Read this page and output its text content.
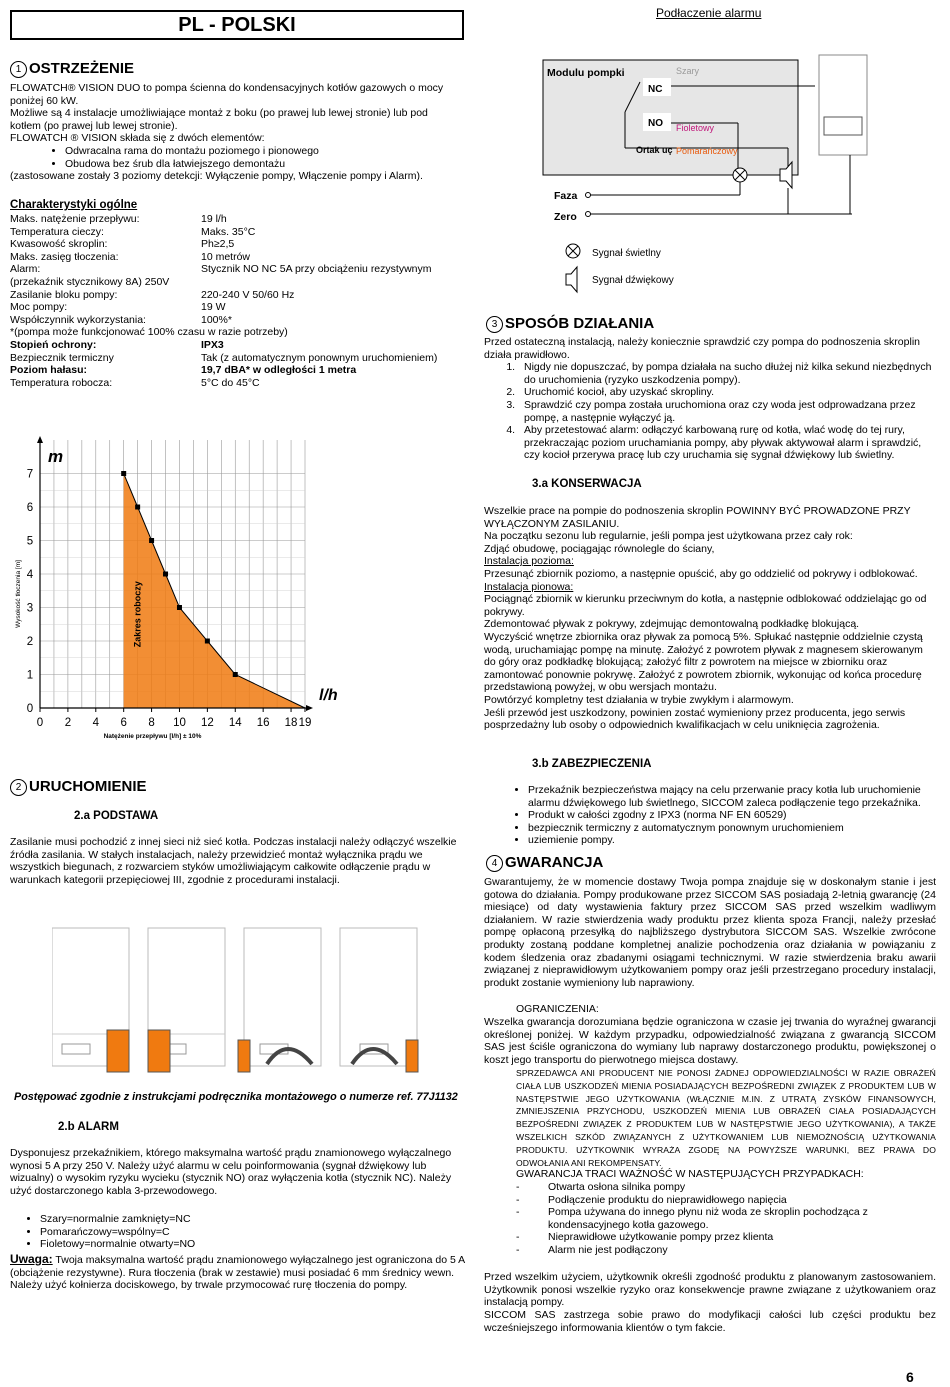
PL - POLSKI
Podłaczenie alarmu
1 OSTRZEŻENIE
FLOWATCH® VISION DUO to pompa ścienna do kondensacyjnych kotłów gazowych o mocy poniżej 60 kW.
Możliwe są 4 instalacje umożliwiające montaż z boku (po prawej lub lewej stronie) lub pod kotłem (po prawej lub lewej stronie).
FLOWATCH ® VISION składa się z dwóch elementów:
• Odwracalna rama do montażu poziomego i pionowego
• Obudowa bez śrub dla łatwiejszego demontażu
(zastosowane zostały 3 poziomy detekcji: Wyłączenie pompy, Włączenie pompy i Alarm).
Charakterystyki ogólne
Maks. natężenie przepływu:	19 l/h
Temperatura cieczy:	Maks. 35°C
Kwasowość skroplin:	Ph≥2,5
Maks. zasięg tłoczenia:	10 metrów
Alarm:	Stycznik NO NC 5A przy obciążeniu rezystywnym
(przekaźnik stycznikowy 8A) 250V
Zasilanie bloku pompy:	220-240 V 50/60 Hz
Moc pompy:	19 W
Współczynnik wykorzystania:	100%*
*(pompa może funkcjonować 100% czasu w razie potrzeby)
Stopień ochrony:	IPX3
Bezpiecznik termiczny	Tak (z automatycznym ponownym uruchomieniem)
Poziom hałasu:	19,7 dBA* w odległości 1 metra
Temperatura robocza:	5°C do 45°C
0 2 4 6 8 10 12 14 16 18 19
0
1
2
3
4
5
6
7
m
l/h
Natężenie przepływu [l/h] ± 10%
Wysokość tłoczenia [m]	Zakres roboczy
Modulu pompki
NC
NO
Ortak uç
Szary
Fioletowy
Pomarańczowy
Faza
Zero
Sygnał świetlny
Sygnał dźwiękowy
3 SPOSÓB DZIAŁANIA
Przed ostateczną instalacją, należy koniecznie sprawdzić czy pompa do podnoszenia skroplin działa prawidłowo.
1. Nigdy nie dopuszczać, by pompa działała na sucho dłużej niż kilka sekund niezbędnych do uruchomienia (ryzyko uszkodzenia pompy).
2. Uruchomić kocioł, aby uzyskać skropliny.
3. Sprawdzić czy pompa została uruchomiona oraz czy woda jest odprowadzana przez pompę, a następnie wyłączyć ją.
4. Aby przetestować alarm: odłączyć karbowaną rurę od kotła, wlać wodę do tej rury, przekraczając poziom uruchamiania pompy, aby pływak aktywował alarm i sprawdzić, czy kocioł przerywa pracę lub czy uruchamia się sygnał dźwiękowy lub świetlny.
3.a KONSERWACJA
Wszelkie prace na pompie do podnoszenia skroplin POWINNY BYĆ PROWADZONE PRZY WYŁĄCZONYM ZASILANIU.
Na początku sezonu lub regularnie, jeśli pompa jest użytkowana przez cały rok:
Zdjąć obudowę, pociągając równolegle do ściany,
Instalacja pozioma:
Przesunąć zbiornik poziomo, a następnie opuścić, aby go oddzielić od pokrywy i odblokować.
Instalacja pionowa:
Pociągnąć zbiornik w kierunku przeciwnym do kotła, a następnie odblokować oddzielając go od pokrywy.
Zdemontować pływak z pokrywy, zdejmując demontowalną podkładkę blokującą.
Wyczyścić wnętrze zbiornika oraz pływak za pomocą 5%. Spłukać następnie oddzielnie czystą wodą, uruchamiając pompę na minutę. Założyć z powrotem pływak z magnesem skierowanym do góry oraz podkładkę blokującą; założyć filtr z powrotem na miejsce w zbiorniku oraz zamontować ponownie pokrywę. Założyć z powrotem zbiornik, wykonując od końca procedurę przedstawioną powyżej, w obu wersjach montażu.
Powtórzyć kompletny test działania w trybie zwykłym i alarmowym.
Jeśli przewód jest uszkodzony, powinien zostać wymieniony przez producenta, jego serwis posprzedażny lub osoby o odpowiednich kwalifikacjach w celu uniknięcia zagrożenia.
3.b ZABEZPIECZENIA
• Przekaźnik bezpieczeństwa mający na celu przerwanie pracy kotła lub uruchomienie alarmu dźwiękowego lub świetlnego, SICCOM zaleca podłączenie tego przekaźnika.
• Produkt w całości zgodny z IPX3 (norma NF EN 60529)
• bezpiecznik termiczny z automatycznym ponownym uruchomieniem
• uziemienie pompy.
4 GWARANCJA
Gwarantujemy, że w momencie dostawy Twoja pompa znajduje się w doskonałym stanie i jest gotowa do działania. Pompy produkowane przez SICCOM SAS posiadają 2-letnią gwarancję (24 miesiące) od daty wystawienia faktury przez SICCOM SAS przed wszelkim wadliwym działaniem. W razie stwierdzenia wady produktu przez klienta spoza Francji, należy przesłać pompę opłaconą przesyłką do najbliższego dystrybutora SICCOM SAS. Wszelkie zwrócone produkty zostaną poddane kompletnej analizie pochodzenia oraz działania w powiązaniu z kodem śledzenia oraz zbadanymi osiągami technicznymi. W razie stwierdzenia braku awarii związanej z nieprawidłowym użytkowaniem pompy oraz jeśli przestrzegano procedury instalacji, produkt zostanie wymieniony lub naprawiony.
OGRANICZENIA:
Wszelka gwarancja dorozumiana będzie ograniczona w czasie jej trwania do wyraźnej gwarancji określonej poniżej. W każdym przypadku, odpowiedzialność związana z gwarancją SICCOM SAS jest ściśle ograniczona do wymiany lub naprawy dostarczonego produktu, powiększonej o koszt jego transportu do pierwotnego miejsca dostawy.
SPRZEDAWCA ANI PRODUCENT NIE PONOSI ŻADNEJ ODPOWIEDZIALNOŚCI W RAZIE OBRAŻEŃ CIAŁA LUB USZKODZEŃ MIENIA POSIADAJĄCYCH BEZPOŚREDNI ZWIĄZEK Z PRODUKTEM LUB W NASTĘPSTWIE JEGO UŻYTKOWANIA (WŁĄCZNIE M.IN. Z UTRATĄ ZYSKÓW FINANSOWYCH, ZMNIEJSZENIA PRZYCHODU, USZKODZEŃ MIENIA LUB OBRAŻEŃ CIAŁA POSIADAJĄCYCH BEZPOŚREDNI ZWIĄZEK Z PRODUKTEM LUB W NASTĘPSTWIE JEGO UŻYTKOWANIA), A TAKŻE WSZELKICH SZKÓD ZWIĄZANYCH Z UŻYTKOWANIEM LUB NIEMOŻNOŚCIĄ UŻYTKOWANIA PRODUKTU. UŻYTKOWNIK WYRAŻA ZGODĘ NA POWYŻSZE WARUNKI, BEZ PRAWA DO ODWOŁANIA ANI REKOMPENSATY.
GWARANCJA TRACI WAŻNOŚĆ W NASTĘPUJĄCYCH PRZYPADKACH:
-	Otwarta osłona silnika pompy
-	Podłączenie produktu do nieprawidłowego napięcia
-	Pompa używana do innego płynu niż woda ze skroplin pochodząca z kondensacyjnego kotła gazowego.
-	Nieprawidłowe użytkowanie pompy przez klienta
-	Alarm nie jest podłączony
Przed wszelkim użyciem, użytkownik określi zgodność produktu z planowanym zastosowaniem. Użytkownik ponosi wszelkie ryzyko oraz konsekwencje prawne związane z użytkowaniem oraz instalacją pompy.
SICCOM SAS zastrzega sobie prawo do modyfikacji całości lub części produktu bez wcześniejszego informowania klientów o tym fakcie.
2 URUCHOMIENIE
2.a PODSTAWA
Zasilanie musi pochodzić z innej sieci niż sieć kotła. Podczas instalacji należy odłączyć wszelkie źródła zasilania. W stałych instalacjach, należy przewidzieć montaż wyłącznika prądu we wszystkich biegunach, z rozwarciem styków umożliwiającym całkowite odłączenie prądu w warunkach kategorii przepięciowej III, zgodnie z procedurami instalacji.
Postępować zgodnie z instrukcjami podręcznika montażowego o numerze ref. 77J1132
2.b ALARM
Dysponujesz przekaźnikiem, którego maksymalna wartość prądu znamionowego wyłączalnego wynosi 5 A przy 250 V. Należy użyć alarmu w celu poinformowania (sygnał dźwiękowy lub wizualny) o wysokim ryzyku wycieku (stycznik NO) oraz wyłączenia kotła (stycznik NC). Należy użyć dostarczonego kabla 3-przewodowego.
• Szary=normalnie zamknięty=NC
• Pomarańczowy=wspólny=C
• Fioletowy=normalnie otwarty=NO
Uwaga: Twoja maksymalna wartość prądu znamionowego wyłączalnego jest ograniczona do 5 A (obciążenie rezystywne). Rura tłoczenia (brak w zestawie) musi posiadać 6 mm średnicy wewn. Należy użyć kołnierza dociskowego, by trwale przymocować rurę tłoczenia do pompy.
6
